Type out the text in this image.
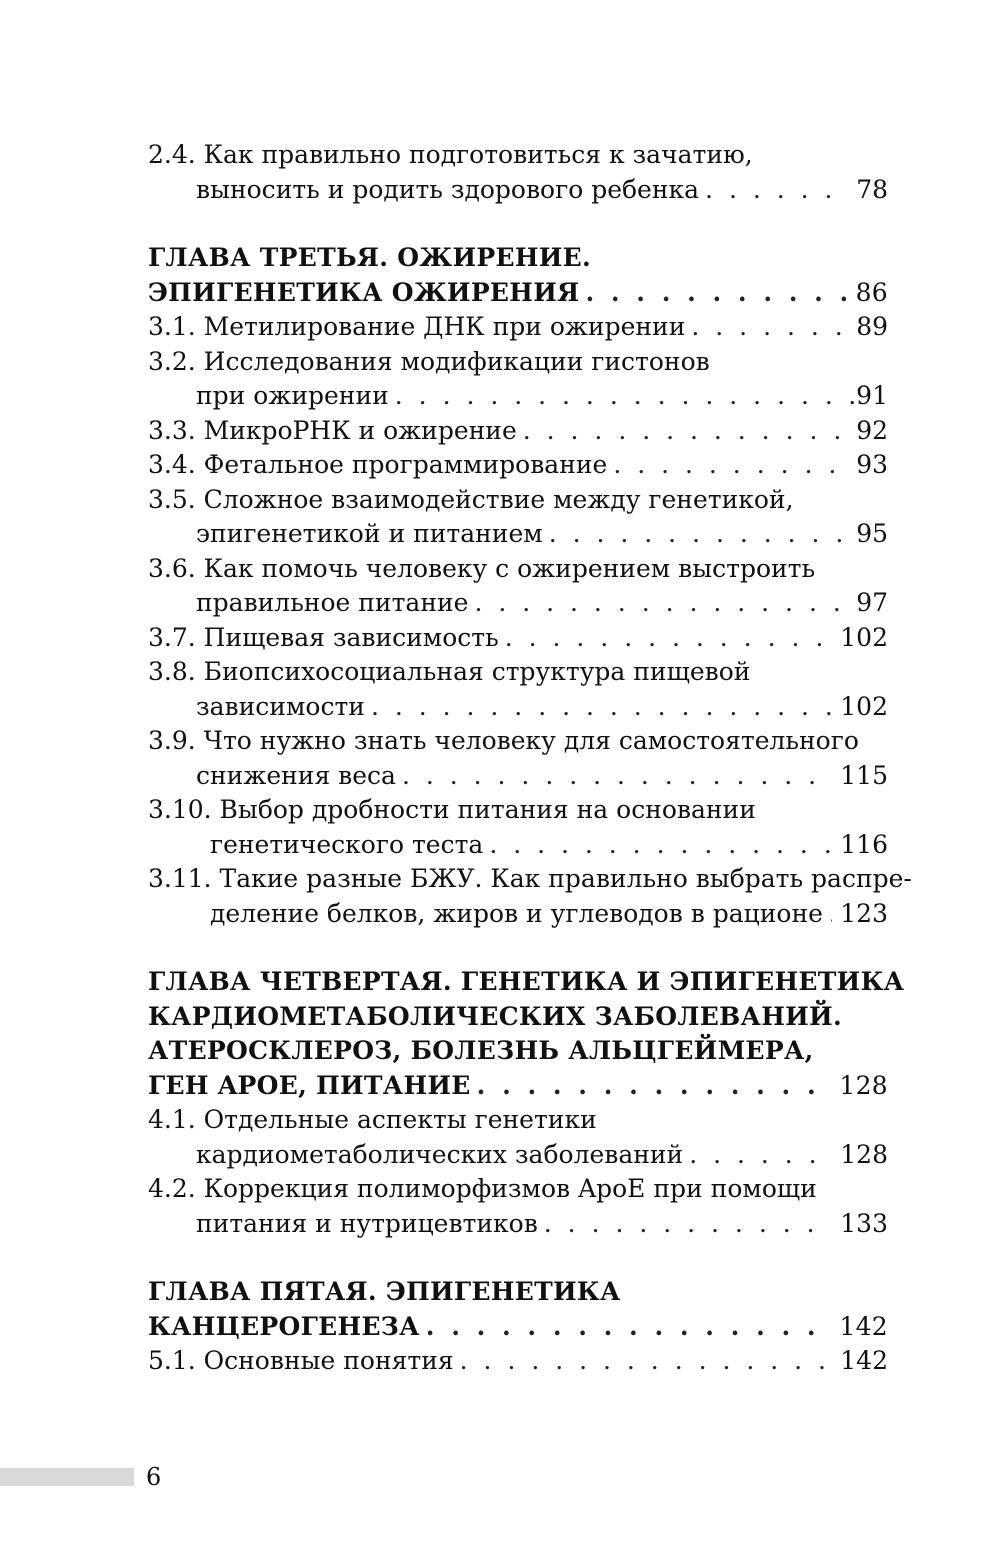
2.4. Как правильно подготовиться к зачатию,
выносить и родить здорового ребенка . . .	78
ГЛАВА ТРЕТЬЯ. ОЖИРЕНИЕ.
ЭПИГЕНЕТИКА ОЖИРЕНИЯ . . .	86
3.1. Метилирование ДНК при ожирении . . .	89
3.2. Исследования модификации гистонов
при ожирении . . .	.91
3.3. МикроРНК и ожирение . . .	92
3.4. Фетальное программирование . . .	93
3.5. Сложное взаимодействие между генетикой,
эпигенетикой и питанием . . .	95
3.6. Как помочь человеку с ожирением выстроить
правильное питание . . .	97
3.7. Пищевая зависимость . . .	102
3.8. Биопсихосоциальная структура пищевой
зависимости . . .	102
3.9. Что нужно знать человеку для самостоятельного
снижения веса . . .	115
3.10. Выбор дробности питания на основании
генетического теста . . .	116
3.11. Такие разные БЖУ. Как правильно выбрать распре-
деление белков, жиров и углеводов в рационе . . . 123
ГЛАВА ЧЕТВЕРТАЯ. ГЕНЕТИКА И ЭПИГЕНЕТИКА
КАРДИОМЕТАБОЛИЧЕСКИХ ЗАБОЛЕВАНИЙ.
АТЕРОСКЛЕРОЗ, БОЛЕЗНЬ АЛЬЦГЕЙМЕРА,
ГЕН APOE, ПИТАНИЕ . . .	128
4.1. Отдельные аспекты генетики
кардиометаболических заболеваний . . .	128
4.2. Коррекция полиморфизмов ApoE при помощи
питания и нутрицевтиков . . .	133
ГЛАВА ПЯТАЯ. ЭПИГЕНЕТИКА
КАНЦЕРОГЕНЕЗА . . .	142
5.1. Основные понятия . . .	142
6
